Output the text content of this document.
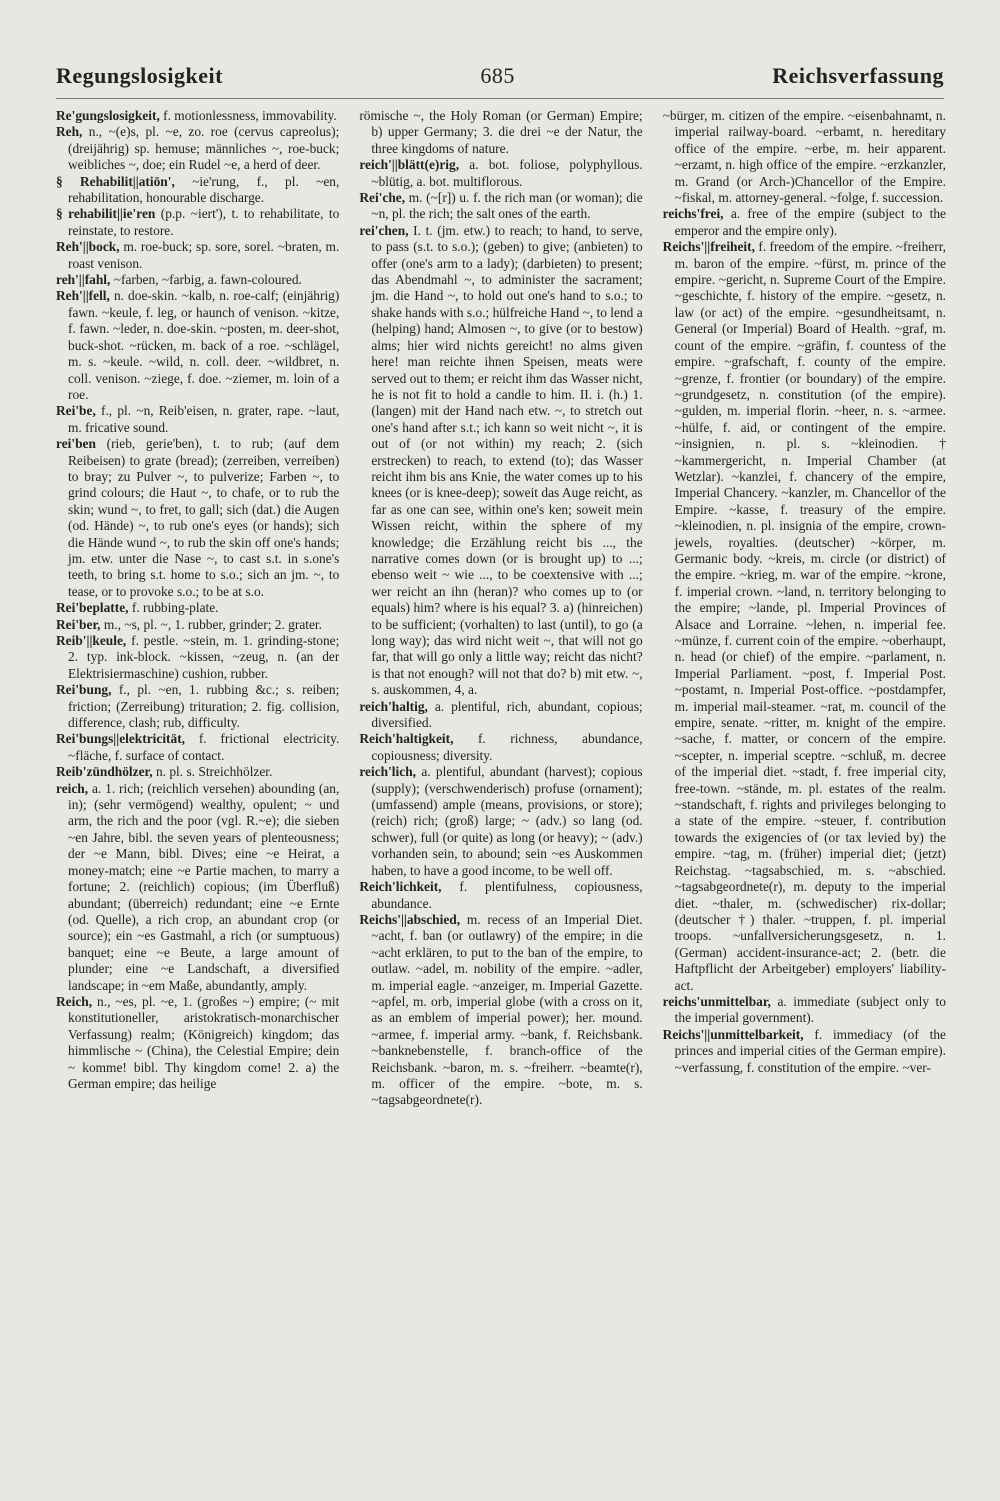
Regungslosigkeit	685	Reichsverfassung

Re'gungslosigkeit, f. motionlessness, immovability.

Reh, n., ~(e)s, pl. ~e, zo. roe (cervus capreolus); (dreijährig) sp. hemuse; männliches ~, roe-buck; weibliches ~, doe; ein Rudel ~e, a herd of deer.

§ Rehabilit||atiōn', ~ie'rung, f., pl. ~en, rehabilitation, honourable discharge.

§ rehabilit||ie'ren (p.p. ~iert'), t. to rehabilitate, to reinstate, to restore.

Reh'||bock, m. roe-buck; sp. sore, sorel. ~braten, m. roast venison.

reh'||fahl, ~farben, ~farbig, a. fawn-coloured.

Reh'||fell, n. doe-skin. ~kalb, n. roe-calf; (einjährig) fawn. ~keule, f. leg, or haunch of venison. ~kitze, f. fawn. ~leder, n. doe-skin. ~posten, m. deer-shot, buck-shot. ~rücken, m. back of a roe. ~schlägel, m. s. ~keule. ~wild, n. coll. deer. ~wildbret, n. coll. venison. ~ziege, f. doe. ~ziemer, m. loin of a roe.

Rei'be, f., pl. ~n, Reib'eisen, n. grater, rape. ~laut, m. fricative sound.

rei'ben (rieb, gerie'ben), t. to rub; (auf dem Reibeisen) to grate (bread); (zerreiben, verreiben) to bray; zu Pulver ~, to pulverize; Farben ~, to grind colours; die Haut ~, to chafe, or to rub the skin; wund ~, to fret, to gall; sich (dat.) die Augen (od. Hände) ~, to rub one's eyes (or hands); sich die Hände wund ~, to rub the skin off one's hands; jm. etw. unter die Nase ~, to cast s.t. in s.one's teeth, to bring s.t. home to s.o.; sich an jm. ~, to tease, or to provoke s.o.; to be at s.o.

Rei'beplatte, f. rubbing-plate.

Rei'ber, m., ~s, pl. ~, 1. rubber, grinder; 2. grater.

Reib'||keule, f. pestle. ~stein, m. 1. grinding-stone; 2. typ. ink-block. ~kissen, ~zeug, n. (an der Elektrisiermaschine) cushion, rubber.

Rei'bung, f., pl. ~en, 1. rubbing &c.; s. reiben; friction; (Zerreibung) trituration; 2. fig. collision, difference, clash; rub, difficulty.

Rei'bungs||elektricität, f. frictional electricity. ~fläche, f. surface of contact.

Reib'zündhölzer, n. pl. s. Streichhölzer.

reich, a. 1. rich; (reichlich versehen) abounding (an, in); (sehr vermögend) wealthy, opulent; ~ und arm, the rich and the poor (vgl. R.~e); die sieben ~en Jahre, bibl. the seven years of plenteousness; der ~e Mann, bibl. Dives; eine ~e Heirat, a money-match; eine ~e Partie machen, to marry a fortune; 2. (reichlich) copious; (im Überfluß) abundant; (überreich) redundant; eine ~e Ernte (od. Quelle), a rich crop, an abundant crop (or source); ein ~es Gastmahl, a rich (or sumptuous) banquet; eine ~e Beute, a large amount of plunder; eine ~e Landschaft, a diversified landscape; in ~em Maße, abundantly, amply.

Reich, n., ~es, pl. ~e, 1. (großes ~) empire; (~ mit konstitutioneller, aristokratisch-monarchischer Verfassung) realm; (Königreich) kingdom; das himmlische ~ (China), the Celestial Empire; dein ~ komme! bibl. Thy kingdom come! 2. a) the German empire; das heilige

römische ~, the Holy Roman (or German) Empire; b) upper Germany; 3. die drei ~e der Natur, the three kingdoms of nature.

reich'||blätt(e)rig, a. bot. foliose, polyphyllous. ~blütig, a. bot. multiflorous.

Rei'che, m. (~[r]) u. f. the rich man (or woman); die ~n, pl. the rich; the salt ones of the earth.

rei'chen, I. t. (jm. etw.) to reach; to hand, to serve, to pass (s.t. to s.o.); (geben) to give; (anbieten) to offer (one's arm to a lady); (darbieten) to present; das Abendmahl ~, to administer the sacrament; jm. die Hand ~, to hold out one's hand to s.o.; to shake hands with s.o.; hülfreiche Hand ~, to lend a (helping) hand; Almosen ~, to give (or to bestow) alms; hier wird nichts gereicht! no alms given here! man reichte ihnen Speisen, meats were served out to them; er reicht ihm das Wasser nicht, he is not fit to hold a candle to him. II. i. (h.) 1. (langen) mit der Hand nach etw. ~, to stretch out one's hand after s.t.; ich kann so weit nicht ~, it is out of (or not within) my reach; 2. (sich erstrecken) to reach, to extend (to); das Wasser reicht ihm bis ans Knie, the water comes up to his knees (or is knee-deep); soweit das Auge reicht, as far as one can see, within one's ken; soweit mein Wissen reicht, within the sphere of my knowledge; die Erzählung reicht bis ..., the narrative comes down (or is brought up) to ...; ebenso weit ~ wie ..., to be coextensive with ...; wer reicht an ihn (heran)? who comes up to (or equals) him? where is his equal? 3. a) (hinreichen) to be sufficient; (vorhalten) to last (until), to go (a long way); das wird nicht weit ~, that will not go far, that will go only a little way; reicht das nicht? is that not enough? will not that do? b) mit etw. ~, s. auskommen, 4, a.

reich'haltig, a. plentiful, rich, abundant, copious; diversified.

Reich'haltigkeit, f. richness, abundance, copiousness; diversity.

reich'lich, a. plentiful, abundant (harvest); copious (supply); (verschwenderisch) profuse (ornament); (umfassend) ample (means, provisions, or store); (reich) rich; (groß) large; ~ (adv.) so lang (od. schwer), full (or quite) as long (or heavy); ~ (adv.) vorhanden sein, to abound; sein ~es Auskommen haben, to have a good income, to be well off.

Reich'lichkeit, f. plentifulness, copiousness, abundance.

Reichs'||abschied, m. recess of an Imperial Diet. ~acht, f. ban (or outlawry) of the empire; in die ~acht erklären, to put to the ban of the empire, to outlaw. ~adel, m. nobility of the empire. ~adler, m. imperial eagle. ~anzeiger, m. Imperial Gazette. ~apfel, m. orb, imperial globe (with a cross on it, as an emblem of imperial power); her. mound. ~armee, f. imperial army. ~bank, f. Reichsbank. ~banknebenstelle, f. branch-office of the Reichsbank. ~baron, m. s. ~freiherr. ~beamte(r), m. officer of the empire. ~bote, m. s. ~tagsabgeordnete(r).

~bürger, m. citizen of the empire. ~eisenbahnamt, n. imperial railway-board. ~erbamt, n. hereditary office of the empire. ~erbe, m. heir apparent. ~erzamt, n. high office of the empire. ~erzkanzler, m. Grand (or Arch-)Chancellor of the Empire. ~fiskal, m. attorney-general. ~folge, f. succession.

reichs'frei, a. free of the empire (subject to the emperor and the empire only).

Reichs'||freiheit, f. freedom of the empire. ~freiherr, m. baron of the empire. ~fürst, m. prince of the empire. ~gericht, n. Supreme Court of the Empire. ~geschichte, f. history of the empire. ~gesetz, n. law (or act) of the empire. ~gesundheitsamt, n. General (or Imperial) Board of Health. ~graf, m. count of the empire. ~gräfin, f. countess of the empire. ~grafschaft, f. county of the empire. ~grenze, f. frontier (or boundary) of the empire. ~grundgesetz, n. constitution (of the empire). ~gulden, m. imperial florin. ~heer, n. s. ~armee. ~hülfe, f. aid, or contingent of the empire. ~insignien, n. pl. s. ~kleinodien. † ~kammergericht, n. Imperial Chamber (at Wetzlar). ~kanzlei, f. chancery of the empire, Imperial Chancery. ~kanzler, m. Chancellor of the Empire. ~kasse, f. treasury of the empire. ~kleinodien, n. pl. insignia of the empire, crown-jewels, royalties. (deutscher) ~körper, m. Germanic body. ~kreis, m. circle (or district) of the empire. ~krieg, m. war of the empire. ~krone, f. imperial crown. ~land, n. territory belonging to the empire; ~lande, pl. Imperial Provinces of Alsace and Lorraine. ~lehen, n. imperial fee. ~münze, f. current coin of the empire. ~oberhaupt, n. head (or chief) of the empire. ~parlament, n. Imperial Parliament. ~post, f. Imperial Post. ~postamt, n. Imperial Post-office. ~postdampfer, m. imperial mail-steamer. ~rat, m. council of the empire, senate. ~ritter, m. knight of the empire. ~sache, f. matter, or concern of the empire. ~scepter, n. imperial sceptre. ~schluß, m. decree of the imperial diet. ~stadt, f. free imperial city, free-town. ~stände, m. pl. estates of the realm. ~standschaft, f. rights and privileges belonging to a state of the empire. ~steuer, f. contribution towards the exigencies of (or tax levied by) the empire. ~tag, m. (früher) imperial diet; (jetzt) Reichstag. ~tagsabschied, m. s. ~abschied. ~tagsabgeordnete(r), m. deputy to the imperial diet. ~thaler, m. (schwedischer) rix-dollar; (deutscher †) thaler. ~truppen, f. pl. imperial troops. ~unfallversicherungsgesetz, n. 1. (German) accident-insurance-act; 2. (betr. die Haftpflicht der Arbeitgeber) employers' liability-act.

reichs'unmittelbar, a. immediate (subject only to the imperial government).

Reichs'||unmittelbarkeit, f. immediacy (of the princes and imperial cities of the German empire). ~verfassung, f. constitution of the empire. ~ver-
